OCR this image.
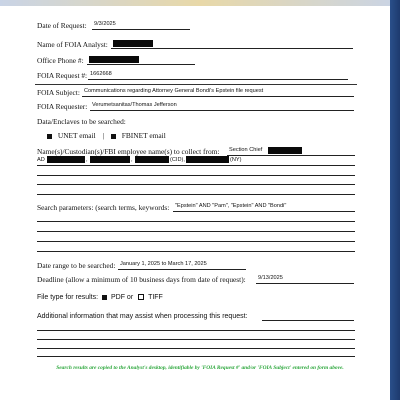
Date of Request: 9/3/2025
Name of FOIA Analyst:
Office Phone #:
FOIA Request #: 1662668
FOIA Subject: Communications regarding Attorney General Bondi's Epstein file request
FOIA Requester: Verumetsanitas/Thomas Jefferson
Data/Enclaves to be searched:
UNET email | FBINET email
Name(s)/Custodian(s)/FBI employee name(s) to collect from: Section Chief
AD	,	,	(CID),	(NY)
Search parameters: (search terms, keywords: "Epstein" AND "Pam", "Epstein" AND "Bondi"
Date range to be searched: January 1, 2025 to March 17, 2025
Deadline (allow a minimum of 10 business days from date of request): 9/13/2025
File type for results: PDF or TIFF
Additional information that may assist when processing this request:
Search results are copied to the Analyst's desktop, identifiable by 'FOIA Request #' and/or 'FOIA Subject' entered on form above.
